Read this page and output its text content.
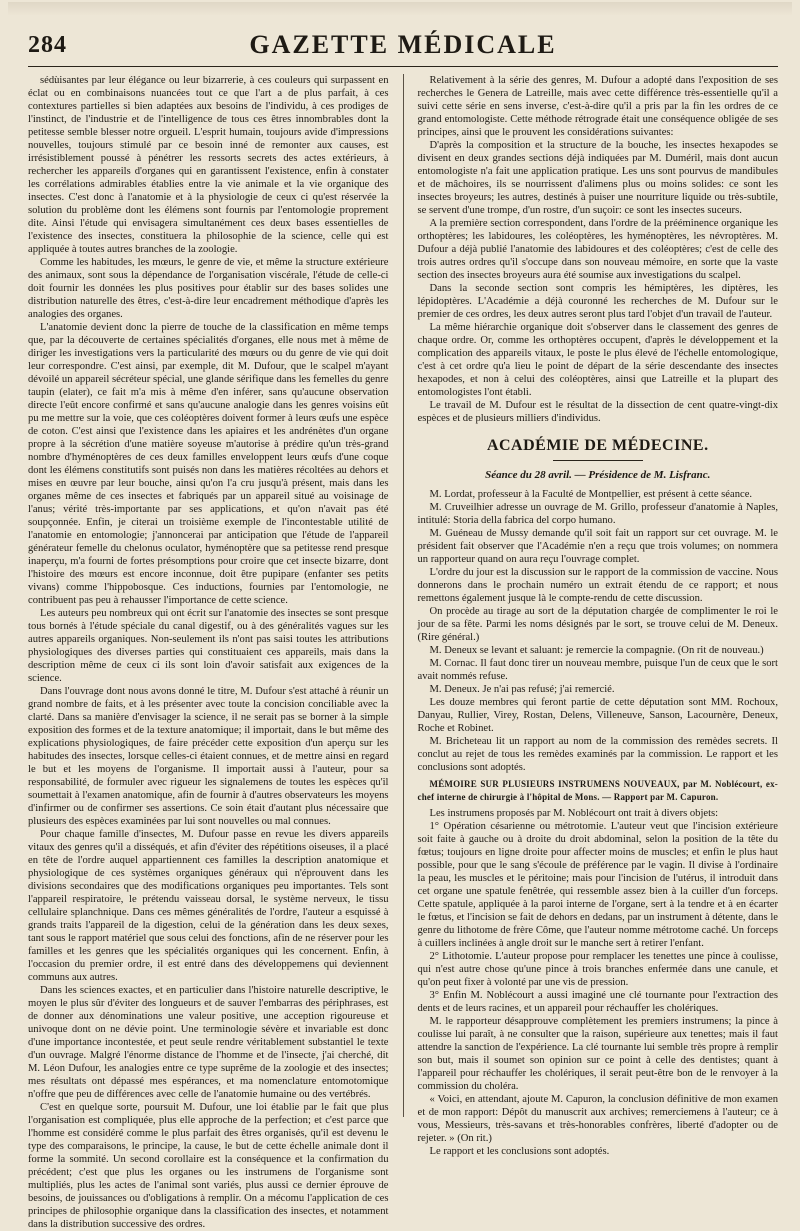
GAZETTE MÉDICALE
284

sédùisantes par leur élégance ou leur bizarrerie, à ces couleurs qui surpassent en éclat ou en combinaisons nuancées tout ce que l'art a de plus parfait, à ces contextures partielles si bien adaptées aux besoins de l'individu, à ces prodiges de l'instinct, de l'industrie et de l'intelligence de tous ces êtres innombrables dont la petitesse semble blesser notre orgueil. L'esprit humain, toujours avide d'impressions nouvelles, toujours stimulé par ce besoin inné de remonter aux causes, est irrésistiblement poussé à pénétrer les ressorts secrets des actes extérieurs, à rechercher les appareils d'organes qui en garantissent l'existence, enfin à constater les corrélations admirables établies entre la vie animale et la vie organique des insectes. C'est donc à l'anatomie et à la physiologie de ceux ci qu'est réservée la solution du problème dont les élémens sont fournis par l'entomologie proprement dite. Ainsi l'étude qui envisagera simultanément ces deux bases essentielles de l'existence des insectes, constituera la philosophie de la science, celle qui est appliquée à toutes autres branches de la zoologie.

Comme les habitudes, les mœurs, le genre de vie, et même la structure extérieure des animaux, sont sous la dépendance de l'organisation viscérale, l'étude de celle-ci doit fournir les données les plus positives pour établir sur des bases solides une distribution naturelle des êtres, c'est-à-dire leur encadrement méthodique d'après les analogies des organes.

L'anatomie devient donc la pierre de touche de la classification en même temps que, par la découverte de certaines spécialités d'organes, elle nous met à même de diriger les investigations vers la particularité des mœurs ou du genre de vie qui doit leur correspondre. C'est ainsi, par exemple, dit M. Dufour, que le scalpel m'ayant dévoilé un appareil sécréteur spécial, une glande sérifique dans les femelles du genre taupin (elater), ce fait m'a mis à même d'en inférer, sans qu'aucune observation directe l'eût encore confirmé et sans qu'aucune analogie dans les genres voisins eût pu me mettre sur la voie, que ces coléoptères doivent former à leurs œufs une espèce de coton. C'est ainsi que l'existence dans les apiaires et les andrénètes d'un organe propre à la sécrétion d'une matière soyeuse m'autorise à prédire qu'un très-grand nombre d'hyménoptères de ces deux familles enveloppent leurs œufs d'une coque dont les élémens constitutifs sont puisés non dans les matières récoltées au dehors et mises en œuvre par leur bouche, ainsi qu'on l'a cru jusqu'à présent, mais dans les organes même de ces insectes et fabriqués par un appareil situé au voisinage de l'anus; vérité très-importante par ses applications, et qu'on n'avait pas été soupçonnée. Enfin, je citerai un troisième exemple de l'incontestable utilité de l'anatomie en entomologie; j'annoncerai par anticipation que l'étude de l'appareil générateur femelle du chelonus oculator, hyménoptère que sa petitesse rend presque inaperçu, m'a fourni de fortes présomptions pour croire que cet insecte bizarre, dont l'histoire des mœurs est encore inconnue, doit être pupipare (enfanter ses petits vivans) comme l'hippobosque. Ces inductions, fournies par l'entomologie, ne contribuent pas peu à rehausser l'importance de cette science.

Les auteurs peu nombreux qui ont écrit sur l'anatomie des insectes se sont presque tous bornés à l'étude spéciale du canal digestif, ou à des généralités vagues sur les autres appareils organiques. Non-seulement ils n'ont pas saisi toutes les attributions physiologiques des diverses parties qui constituaient ces appareils, mais dans la description même de ceux ci ils sont loin d'avoir satisfait aux exigences de la science.

Dans l'ouvrage dont nous avons donné le titre, M. Dufour s'est attaché à réunir un grand nombre de faits, et à les présenter avec toute la concision conciliable avec la clarté. Dans sa manière d'envisager la science, il ne serait pas se borner à la simple exposition des formes et de la texture anatomique; il importait, dans le but même des explications physiologiques, de faire précéder cette exposition d'un aperçu sur les habitudes des insectes, lorsque celles-ci étaient connues, et de mettre ainsi en regard le but et les moyens de l'organisme. Il importait aussi à l'auteur, pour sa responsabilité, de formuler avec rigueur les signalemens de toutes les espèces qu'il soumettait à l'examen anatomique, afin de fournir à d'autres observateurs les moyens d'infirmer ou de confirmer ses assertions. Ce soin était d'autant plus nécessaire que plusieurs des espèces examinées par lui sont nouvelles ou mal connues.

Pour chaque famille d'insectes, M. Dufour passe en revue les divers appareils vitaux des genres qu'il a disséqués, et afin d'éviter des répétitions oiseuses, il a placé en tête de l'ordre auquel appartiennent ces familles la description anatomique et physiologique de ces systèmes organiques généraux qui n'éprouvent dans les divisions secondaires que des modifications organiques peu importantes. Tels sont l'appareil respiratoire, le prétendu vaisseau dorsal, le système nerveux, le tissu cellulaire splanchnique. Dans ces mêmes généralités de l'ordre, l'auteur a esquissé à grands traits l'appareil de la digestion, celui de la génération dans les deux sexes, tant sous le rapport matériel que sous celui des fonctions, afin de ne réserver pour les familles et les genres que les spécialités organiques qui les concernent. Enfin, à l'occasion du premier ordre, il est entré dans des développemens qui deviennent communs aux autres.

Dans les sciences exactes, et en particulier dans l'histoire naturelle descriptive, le moyen le plus sûr d'éviter des longueurs et de sauver l'embarras des périphrases, est de donner aux dénominations une valeur positive, une acception rigoureuse et univoque dont on ne dévie point. Une terminologie sévère et invariable est donc d'une importance incontestée, et peut seule rendre véritablement substantiel le texte d'un ouvrage. Malgré l'énorme distance de l'homme et de l'insecte, j'ai cherché, dit M. Léon Dufour, les analogies entre ce type suprême de la zoologie et des insectes; mes résultats ont dépassé mes espérances, et ma nomenclature entomotomique n'offre que peu de différences avec celle de l'anatomie humaine ou des vertébrés.

C'est en quelque sorte, poursuit M. Dufour, une loi établie par le fait que plus l'organisation est compliquée, plus elle approche de la perfection; et c'est parce que l'homme est considéré comme le plus parfait des êtres organisés, qu'il est devenu le type des comparaisons, le principe, la cause, le but de cette échelle animale dont il forme la sommité. Un second corollaire est la conséquence et la confirmation du précédent; c'est que plus les organes ou les instrumens de l'organisme sont multipliés, plus les actes de l'animal sont variés, plus aussi ce dernier éprouve de besoins, de jouissances ou d'obligations à remplir. On a mécomu l'application de ces principes de philosophie organique dans la classification des insectes, et notamment dans la distribution successive des ordres.

Relativement à la série des genres, M. Dufour a adopté dans l'exposition de ses recherches le Genera de Latreille, mais avec cette différence très-essentielle qu'il a suivi cette série en sens inverse, c'est-à-dire qu'il a pris par la fin les ordres de ce grand entomologiste. Cette méthode rétrograde était une conséquence obligée de ses principes, ainsi que le prouvent les considérations suivantes:

D'après la composition et la structure de la bouche, les insectes hexapodes se divisent en deux grandes sections déjà indiquées par M. Duméril, mais dont aucun entomologiste n'a fait une application pratique. Les uns sont pourvus de mandibules et de mâchoires, ils se nourrissent d'alimens plus ou moins solides: ce sont les insectes broyeurs; les autres, destinés à puiser une nourriture liquide ou très-subtile, se servent d'une trompe, d'un rostre, d'un suçoir: ce sont les insectes suceurs.

A la première section correspondent, dans l'ordre de la prééminence organique les orthoptères; les labidoures, les coléoptères, les hyménoptères, les névroptères. M. Dufour a déjà publié l'anatomie des labidoures et des coléoptères; c'est de celle des trois autres ordres qu'il s'occupe dans son nouveau mémoire, en sorte que la vaste section des insectes broyeurs aura été soumise aux investigations du scalpel.

Dans la seconde section sont compris les hémiptères, les diptères, les lépidoptères. L'Académie a déjà couronné les recherches de M. Dufour sur le premier de ces ordres, les deux autres seront plus tard l'objet d'un travail de l'auteur.

La même hiérarchie organique doit s'observer dans le classement des genres de chaque ordre. Or, comme les orthoptères occupent, d'après le développement et la complication des appareils vitaux, le poste le plus élevé de l'échelle entomologique, c'est à cet ordre qu'a lieu le point de départ de la série descendante des insectes hexapodes, et non à celui des coléoptères, ainsi que Latreille et la plupart des entomologistes l'ont établi.

Le travail de M. Dufour est le résultat de la dissection de cent quatre-vingt-dix espèces et de plusieurs milliers d'individus.

ACADÉMIE DE MÉDECINE.
Séance du 28 avril. — Présidence de M. Lisfranc.

M. Lordat, professeur à la Faculté de Montpellier, est présent à cette séance.

M. Cruveilhier adresse un ouvrage de M. Grillo, professeur d'anatomie à Naples, intitulé: Storia della fabrica del corpo humano.

M. Guéneau de Mussy demande qu'il soit fait un rapport sur cet ouvrage. M. le président fait observer que l'Académie n'en a reçu que trois volumes; on nommera un rapporteur quand on aura reçu l'ouvrage complet.

L'ordre du jour est la discussion sur le rapport de la commission de vaccine. Nous donnerons dans le prochain numéro un extrait étendu de ce rapport; et nous remettons également jusque là le compte-rendu de cette discussion.

On procède au tirage au sort de la députation chargée de complimenter le roi le jour de sa fête. Parmi les noms désignés par le sort, se trouve celui de M. Deneux. (Rire général.)

M. Deneux se levant et saluant: je remercie la compagnie. (On rit de nouveau.)

M. Cornac. Il faut donc tirer un nouveau membre, puisque l'un de ceux que le sort avait nommés refuse.

M. Deneux. Je n'ai pas refusé; j'ai remercié.

Les douze membres qui feront partie de cette députation sont MM. Rochoux, Danyau, Rullier, Virey, Rostan, Delens, Villeneuve, Sanson, Lacournère, Deneux, Roche et Robinet.

M. Bricheteau lit un rapport au nom de la commission des remèdes secrets. Il conclut au rejet de tous les remèdes examinés par la commission. Le rapport et les conclusions sont adoptés.

MÉMOIRE SUR PLUSIEURS INSTRUMENS NOUVEAUX, par M. Noblécourt, ex-chef interne de chirurgie à l'hôpital de Mons. — Rapport par M. Capuron.

Les instrumens proposés par M. Noblécourt ont trait à divers objets:

1° Opération césarienne ou métrotomie. L'auteur veut que l'incision extérieure soit faite à gauche ou à droite du droit abdominal, selon la position de la tête du fœtus; toujours en ligne droite pour affecter moins de muscles; et enfin le plus haut possible, pour que le sang s'écoule de préférence par le vagin. Il divise à l'ordinaire la peau, les muscles et le péritoine; mais pour l'incision de l'utérus, il introduit dans cet organe une spatule fenêtrée, qui ressemble assez bien à la cuiller d'un forceps. Cette spatule, appliquée à la paroi interne de l'organe, sert à la tendre et à en écarter le fœtus, et l'incision se fait de dehors en dedans, par un instrument à détente, dans le genre du lithotome de frère Côme, que l'auteur nomme métrotome caché. Un forceps à cuillers inclinées à angle droit sur le manche sert à retirer l'enfant.

2° Lithotomie. L'auteur propose pour remplacer les tenettes une pince à coulisse, qui n'est autre chose qu'une pince à trois branches enfermée dans une canule, et qu'on peut fixer à volonté par une vis de pression.

3° Enfin M. Noblécourt a aussi imaginé une clé tournante pour l'extraction des dents et de leurs racines, et un appareil pour réchauffer les cholériques.

M. le rapporteur désapprouve complètement les premiers instrumens; la pince à coulisse lui paraît, à ne consulter que la raison, supérieure aux tenettes; mais il faut attendre la sanction de l'expérience. La clé tournante lui semble très propre à remplir son but, mais il soumet son opinion sur ce point à celle des dentistes; quant à l'appareil pour réchauffer les cholériques, il serait peut-être bon de le renvoyer à la commission du choléra.

« Voici, en attendant, ajoute M. Capuron, la conclusion définitive de mon examen et de mon rapport: Dépôt du manuscrit aux archives; remerciemens à l'auteur; ce à vous, Messieurs, très-savans et très-honorables confrères, liberté d'adopter ou de rejeter. » (On rit.)

Le rapport et les conclusions sont adoptés.
